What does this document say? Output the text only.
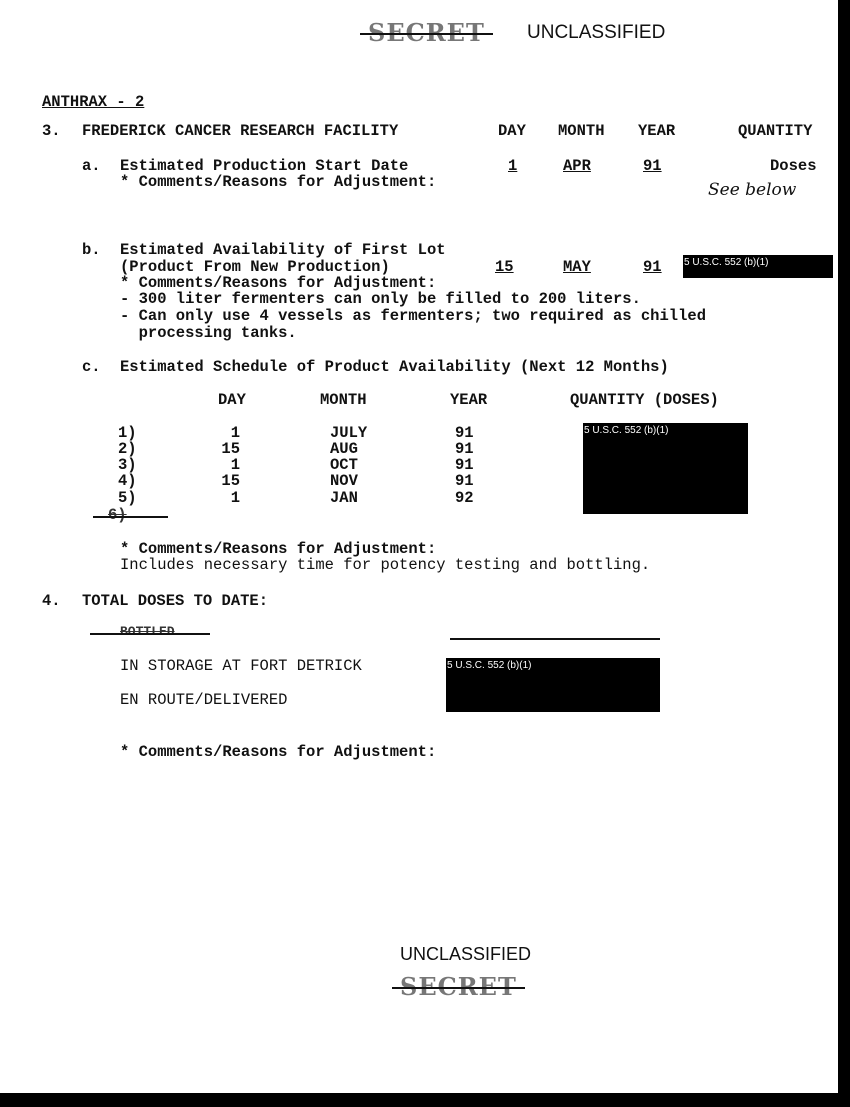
SECRET UNCLASSIFIED
ANTHRAX - 2
3. FREDERICK CANCER RESEARCH FACILITY	DAY MONTH YEAR	QUANTITY
a. Estimated Production Start Date	1	APR	91	Doses
* Comments/Reasons for Adjustment:	See below
b. Estimated Availability of First Lot
(Product From New Production)	15	MAY	91 5 U.S.C. 552 (b)(1)
* Comments/Reasons for Adjustment:
- 300 liter fermenters can only be filled to 200 liters.
- Can only use 4 vessels as fermenters; two required as chilled
processing tanks.
c. Estimated Schedule of Product Availability (Next 12 Months)
DAY	MONTH	YEAR	QUANTITY (DOSES)
1)	1	JULY	91
2)	15	AUG	91
3)	1	OCT	91
4)	15	NOV	91
5)	1	JAN	92
6)
5 U.S.C. 552 (b)(1)
* Comments/Reasons for Adjustment:
Includes necessary time for potency testing and bottling.
4. TOTAL DOSES TO DATE:
BOTTLED
IN STORAGE AT FORT DETRICK
EN ROUTE/DELIVERED
5 U.S.C. 552 (b)(1)
* Comments/Reasons for Adjustment:
UNCLASSIFIED
SECRET
